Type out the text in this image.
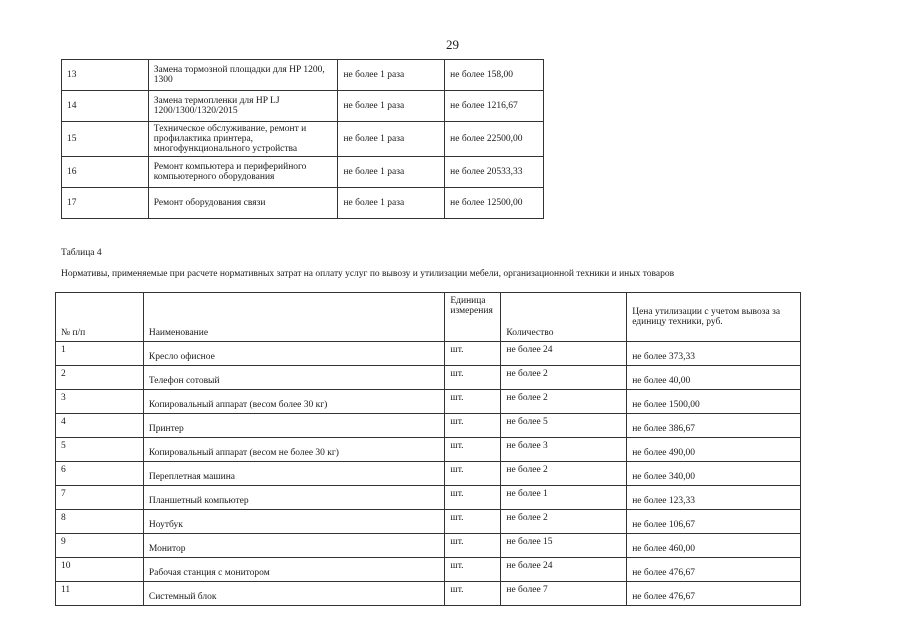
29
13	Замена тормозной площадки для HP 1200, 1300	не более 1 раза	не более 158,00
14	Замена термопленки для HP LJ 1200/1300/1320/2015	не более 1 раза	не более 1216,67
15	Техническое обслуживание, ремонт и профилактика принтера, многофункционального устройства	не более 1 раза	не более 22500,00
16	Ремонт компьютера и периферийного компьютерного оборудования	не более 1 раза	не более 20533,33
17	Ремонт оборудования связи	не более 1 раза	не более 12500,00
Таблица 4
Нормативы, применяемые при расчете нормативных затрат на оплату услуг по вывозу и утилизации мебели, организационной техники и иных товаров
№ п/п	Наименование	Единица измерения	Количество	Цена утилизации с учетом вывоза за единицу техники, руб.
1	Кресло офисное	шт.	не более 24	не более 373,33
2	Телефон сотовый	шт.	не более 2	не более 40,00
3	Копировальный аппарат (весом более 30 кг)	шт.	не более 2	не более 1500,00
4	Принтер	шт.	не более 5	не более 386,67
5	Копировальный аппарат (весом не более 30 кг)	шт.	не более 3	не более 490,00
6	Переплетная машина	шт.	не более 2	не более 340,00
7	Планшетный компьютер	шт.	не более 1	не более 123,33
8	Ноутбук	шт.	не более 2	не более 106,67
9	Монитор	шт.	не более 15	не более 460,00
10	Рабочая станция с монитором	шт.	не более 24	не более 476,67
11	Системный блок	шт.	не более 7	не более 476,67
